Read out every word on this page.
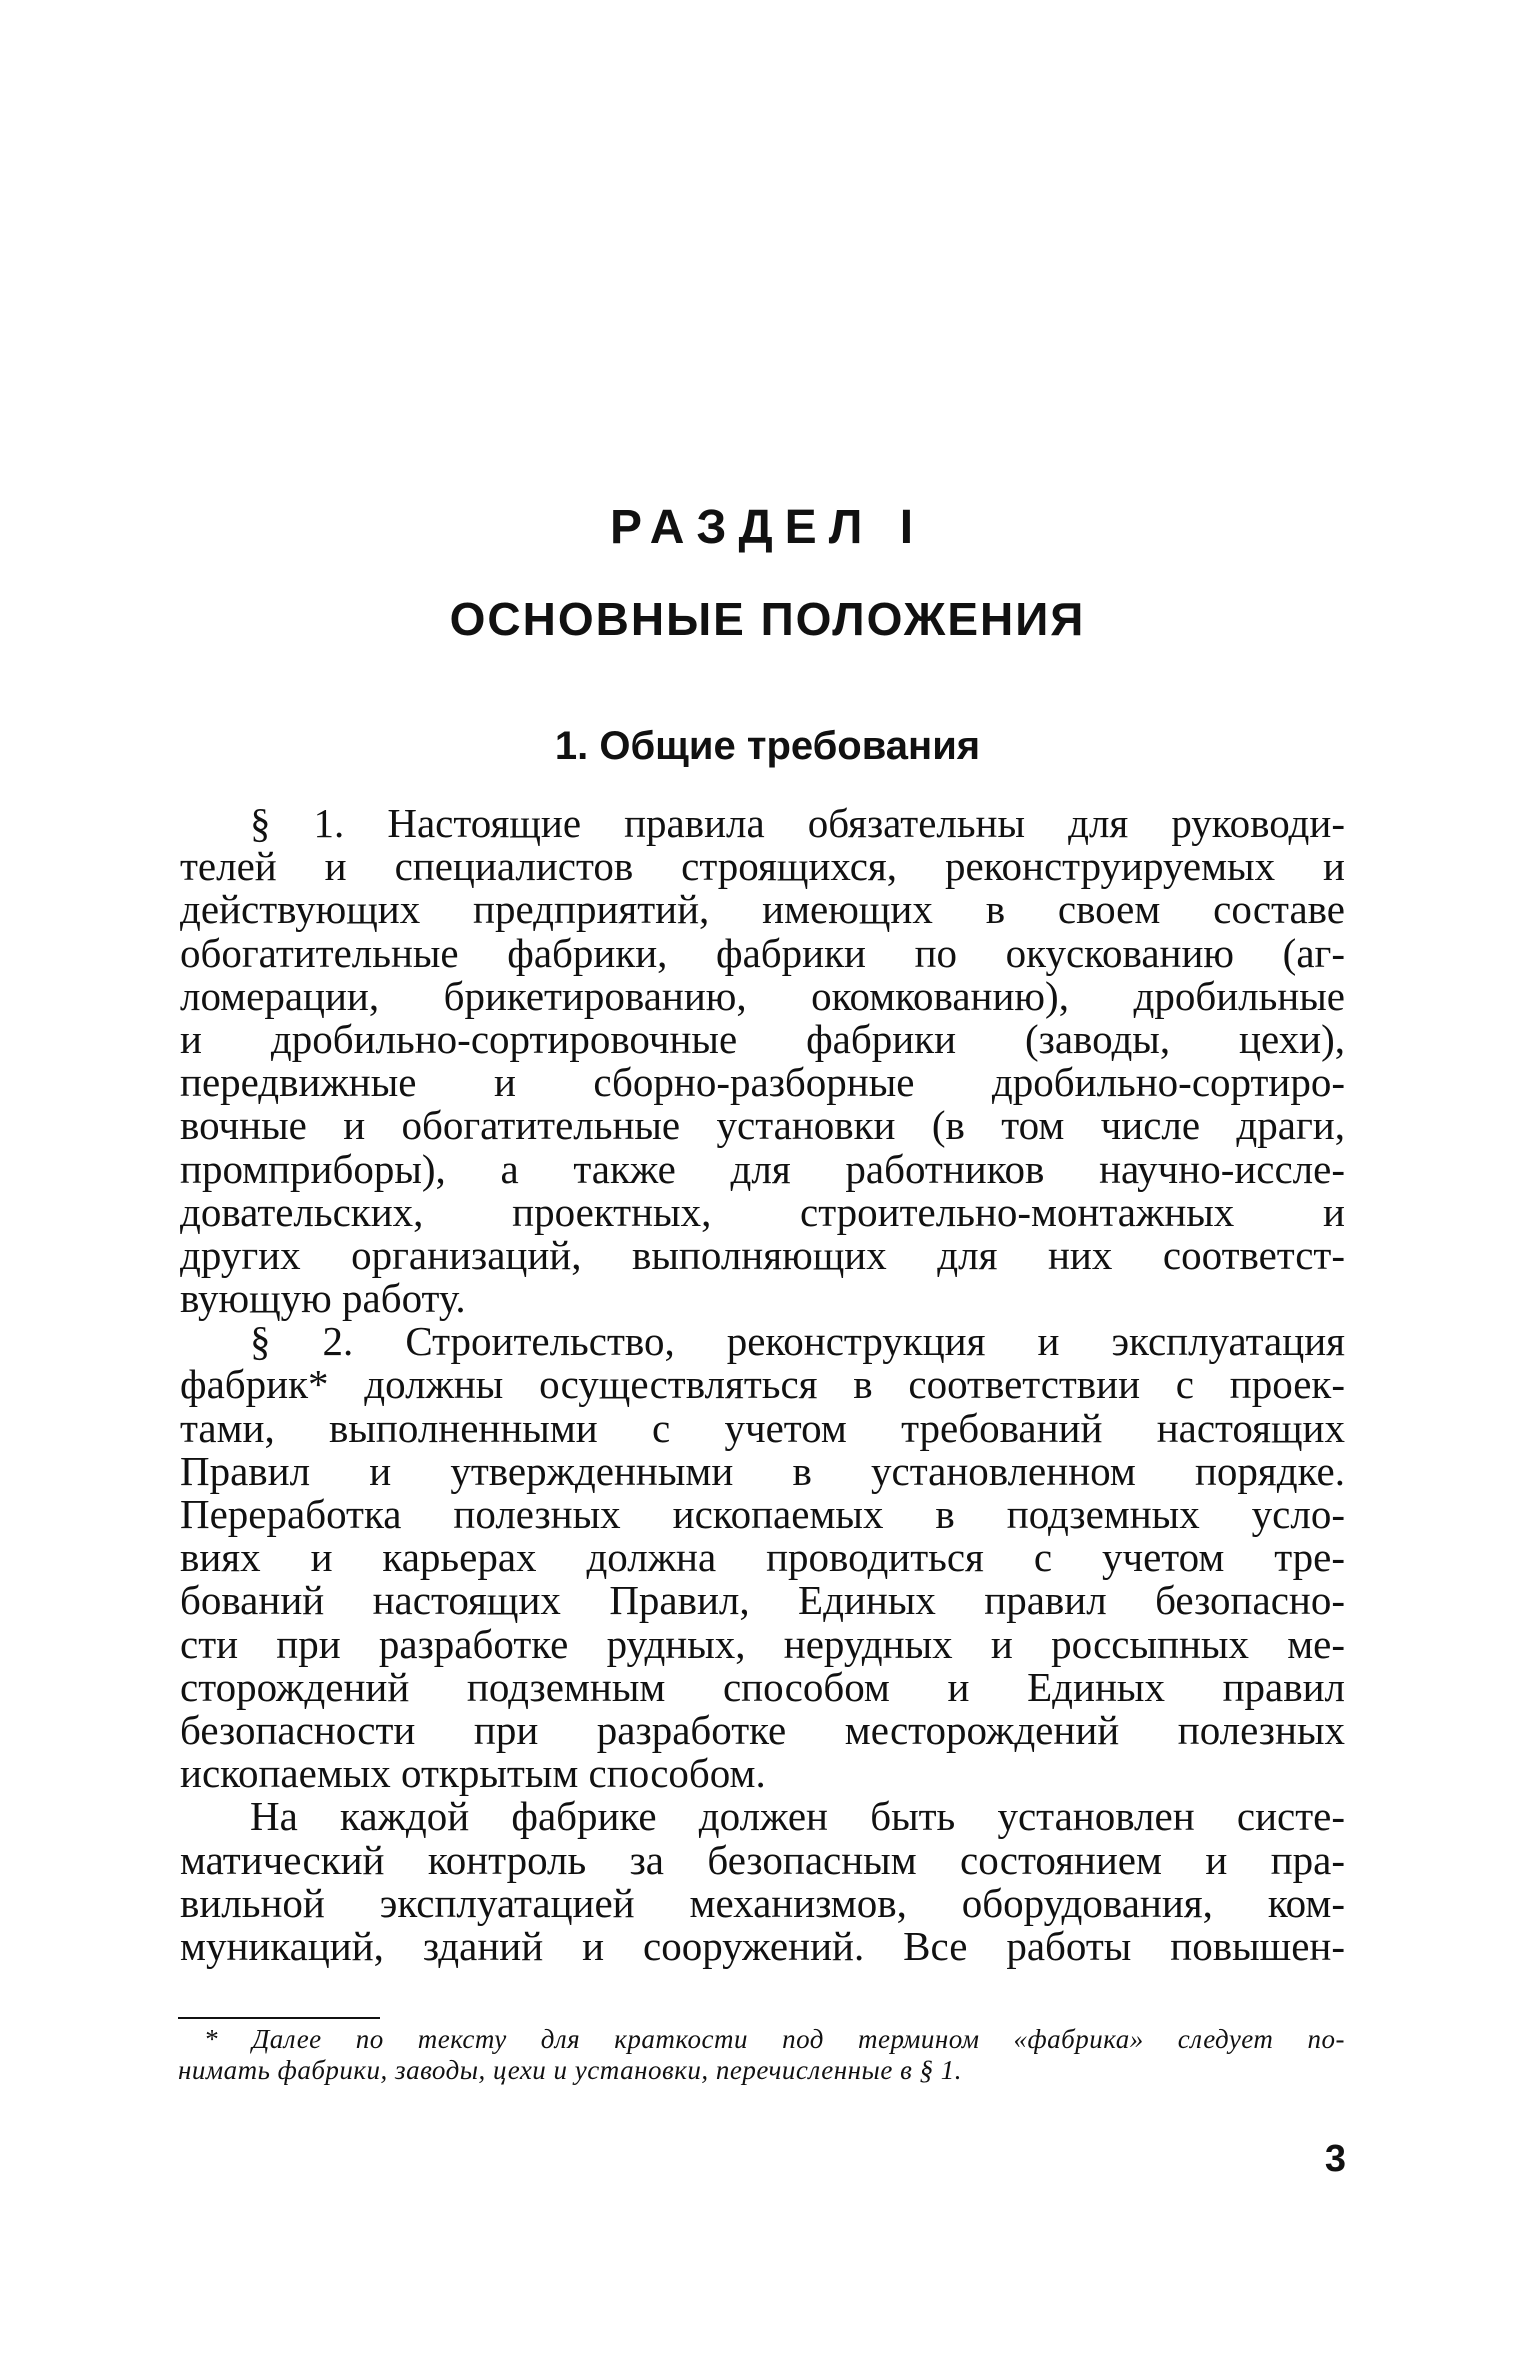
РАЗДЕЛ I
ОСНОВНЫЕ ПОЛОЖЕНИЯ
1. Общие требования
§ 1. Настоящие правила обязательны для руководи-
телей и специалистов строящихся, реконструируемых и
действующих предприятий, имеющих в своем составе
обогатительные фабрики, фабрики по окускованию (аг-
ломерации, брикетированию, окомкованию), дробильные
и дробильно-сортировочные фабрики (заводы, цехи),
передвижные и сборно-разборные дробильно-сортиро-
вочные и обогатительные установки (в том числе драги,
промприборы), а также для работников научно-иссле-
довательских, проектных, строительно-монтажных и
других организаций, выполняющих для них соответст-
вующую работу.
§ 2. Строительство, реконструкция и эксплуатация
фабрик* должны осуществляться в соответствии с проек-
тами, выполненными с учетом требований настоящих
Правил и утвержденными в установленном порядке.
Переработка полезных ископаемых в подземных усло-
виях и карьерах должна проводиться с учетом тре-
бований настоящих Правил, Единых правил безопасно-
сти при разработке рудных, нерудных и россыпных ме-
сторождений подземным способом и Единых правил
безопасности при разработке месторождений полезных
ископаемых открытым способом.
На каждой фабрике должен быть установлен систе-
матический контроль за безопасным состоянием и пра-
вильной эксплуатацией механизмов, оборудования, ком-
муникаций, зданий и сооружений. Все работы повышен-
* Далее по тексту для краткости под термином «фабрика» следует по-
нимать фабрики, заводы, цехи и установки, перечисленные в § 1.
3
